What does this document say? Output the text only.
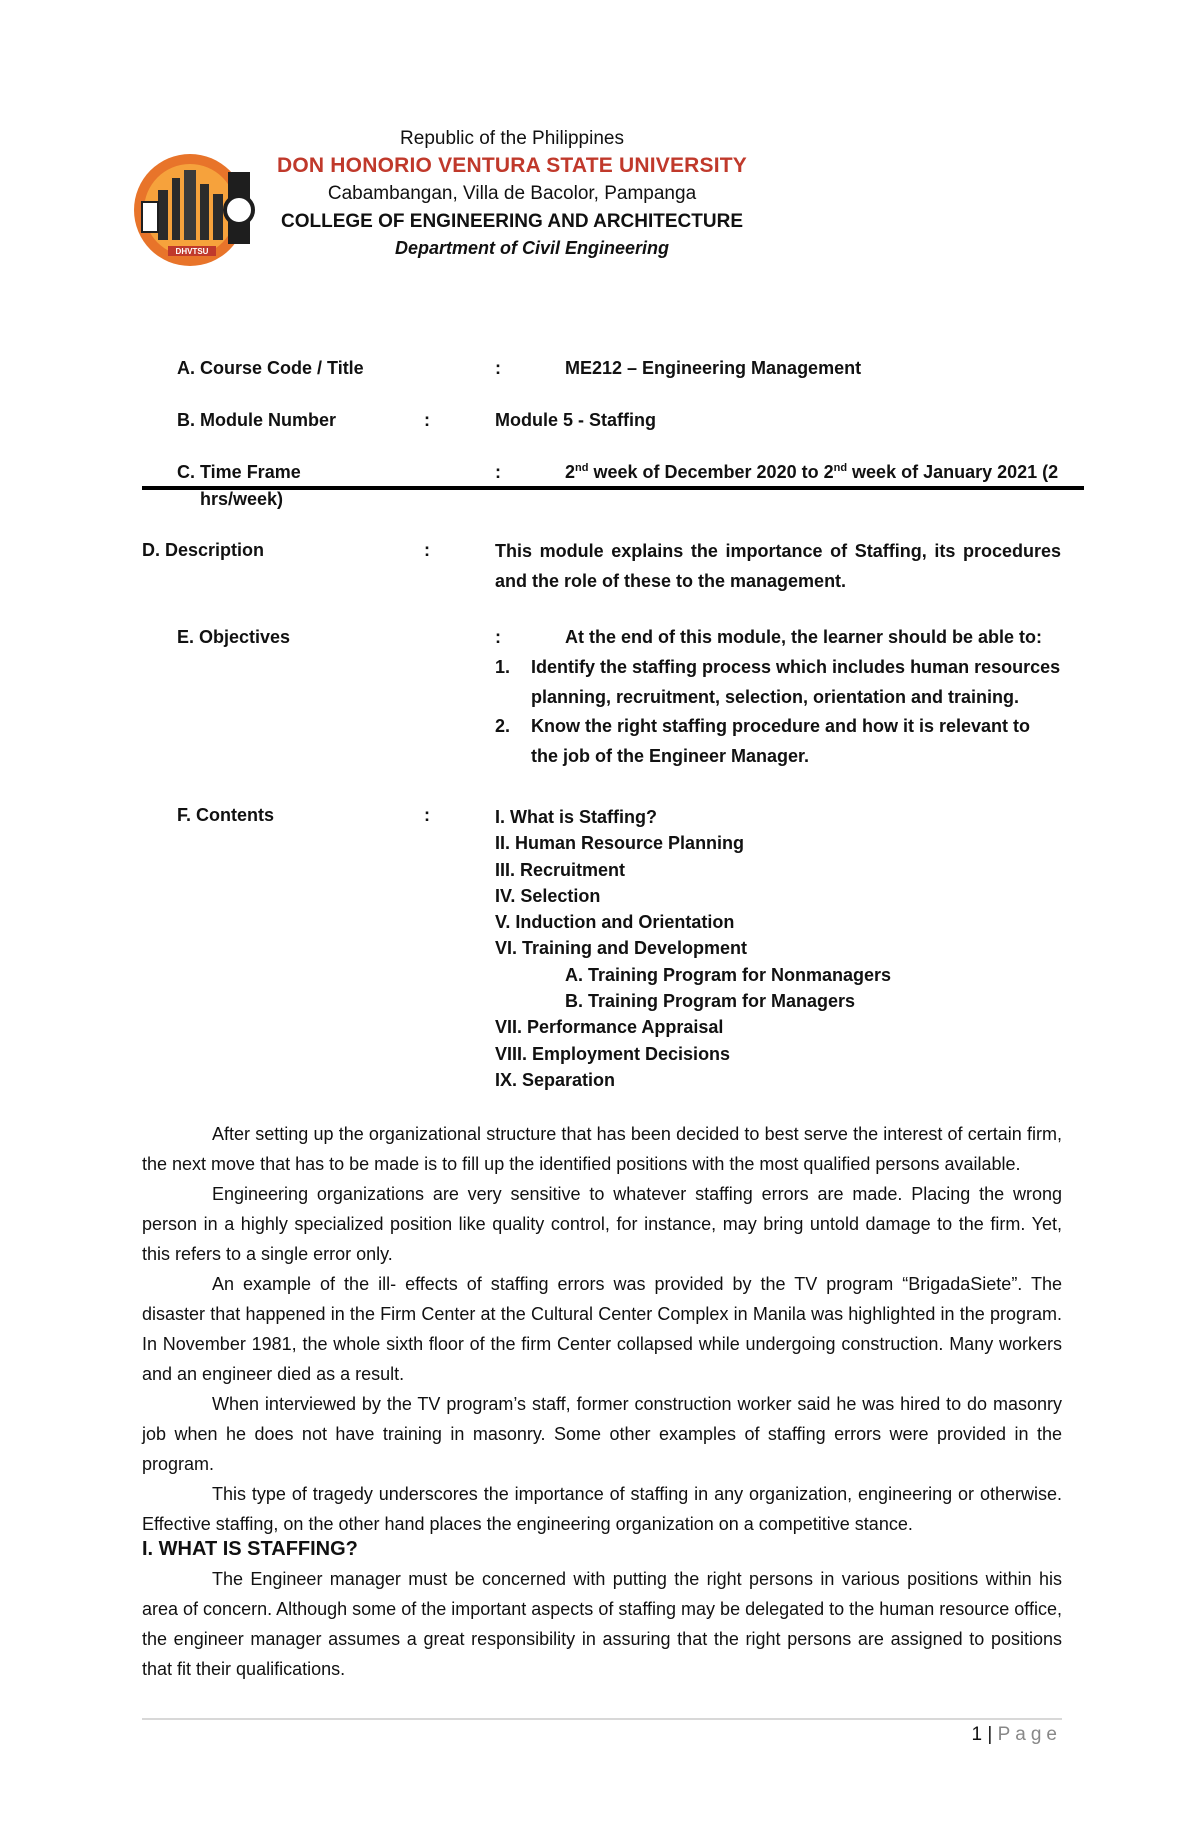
DHVTSU
Republic of the Philippines
DON HONORIO VENTURA STATE UNIVERSITY
Cabambangan, Villa de Bacolor, Pampanga
COLLEGE OF ENGINEERING AND ARCHITECTURE
Department of Civil Engineering
A. Course Code / Title	:	ME212 – Engineering Management
B. Module Number	:	Module 5 - Staffing
C. Time Frame	:	2nd week of December 2020 to 2nd week of January 2021 (2
hrs/week)
D. Description	:	This module explains the importance of Staffing, its procedures and the role of these to the management.
E. Objectives	:	At the end of this module, the learner should be able to:
1. Identify the staffing process which includes human resources planning, recruitment, selection, orientation and training.
2. Know the right staffing procedure and how it is relevant to the job of the Engineer Manager.
F. Contents	:	I. What is Staffing?
II. Human Resource Planning
III. Recruitment
IV. Selection
V. Induction and Orientation
VI. Training and Development
A. Training Program for Nonmanagers
B. Training Program for Managers
VII. Performance Appraisal
VIII. Employment Decisions
IX. Separation

After setting up the organizational structure that has been decided to best serve the interest of certain firm, the next move that has to be made is to fill up the identified positions with the most qualified persons available.

Engineering organizations are very sensitive to whatever staffing errors are made. Placing the wrong person in a highly specialized position like quality control, for instance, may bring untold damage to the firm. Yet, this refers to a single error only.

An example of the ill- effects of staffing errors was provided by the TV program “BrigadaSiete”. The disaster that happened in the Firm Center at the Cultural Center Complex in Manila was highlighted in the program. In November 1981, the whole sixth floor of the firm Center collapsed while undergoing construction. Many workers and an engineer died as a result.

When interviewed by the TV program’s staff, former construction worker said he was hired to do masonry job when he does not have training in masonry. Some other examples of staffing errors were provided in the program.

This type of tragedy underscores the importance of staffing in any organization, engineering or otherwise. Effective staffing, on the other hand places the engineering organization on a competitive stance.

I. WHAT IS STAFFING?

The Engineer manager must be concerned with putting the right persons in various positions within his area of concern. Although some of the important aspects of staffing may be delegated to the human resource office, the engineer manager assumes a great responsibility in assuring that the right persons are assigned to positions that fit their qualifications.

1 | Page
